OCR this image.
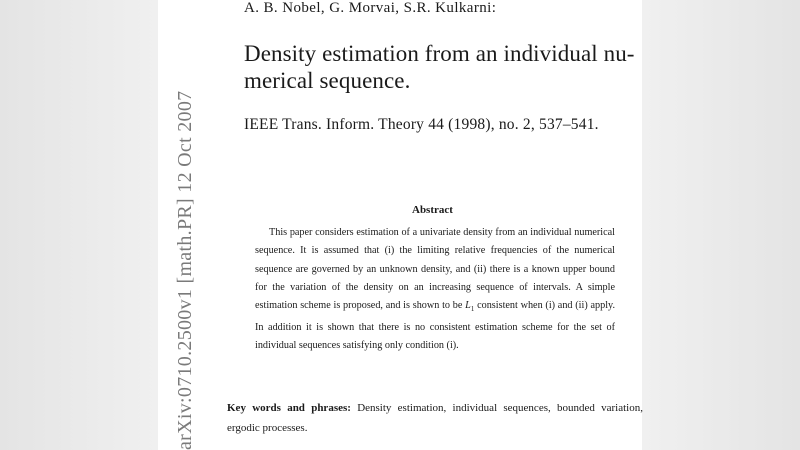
arXiv:0710.2500v1 [math.PR] 12 Oct 2007
A. B. Nobel, G. Morvai, S.R. Kulkarni:
Density estimation from an individual nu-
merical sequence.
IEEE Trans. Inform. Theory 44 (1998), no. 2, 537–541.
Abstract
This paper considers estimation of a univariate density from an individual numerical sequence. It is assumed that (i) the limiting relative frequencies of the numerical sequence are governed by an unknown density, and (ii) there is a known upper bound for the variation of the density on an increasing sequence of intervals. A simple estimation scheme is proposed, and is shown to be $L_1$ consistent when (i) and (ii) apply. In addition it is shown that there is no consistent estimation scheme for the set of individual sequences satisfying only condition (i).
Key words and phrases: Density estimation, individual sequences, bounded variation, ergodic processes.
